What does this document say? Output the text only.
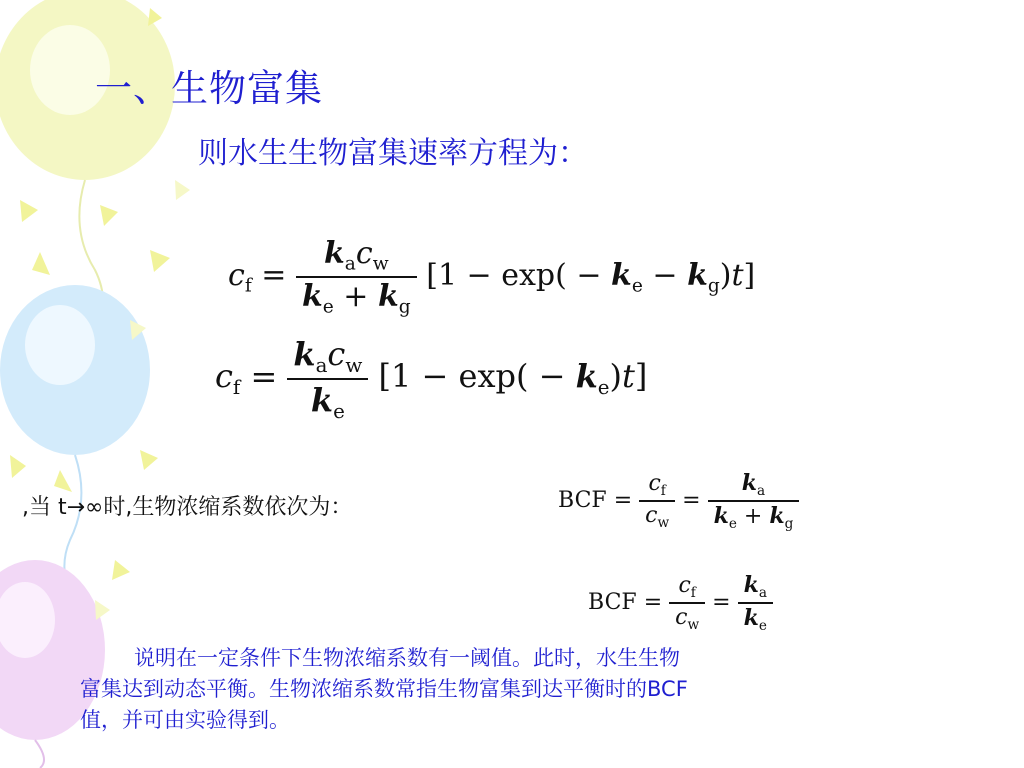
一、生物富集
则水生生物富集速率方程为：
$c_f = \frac{k_ac_w}{k_e + k_g} [1 - \exp( - k_e - k_g)t]$
$c_f = \frac{k_ac_w}{k_e} [1 - \exp( - k_e)t]$
,当 t→∞时,生物浓缩系数依次为：	BCF = $\frac{c_f}{c_w} = \frac{k_a}{k_e + k_g}$
BCF = $\frac{c_f}{c_w} = \frac{k_a}{k_e}$

说明在一定条件下生物浓缩系数有一阈值。此时，水生生物

富集达到动态平衡。生物浓缩系数常指生物富集到达平衡时的BCF

值，并可由实验得到。
